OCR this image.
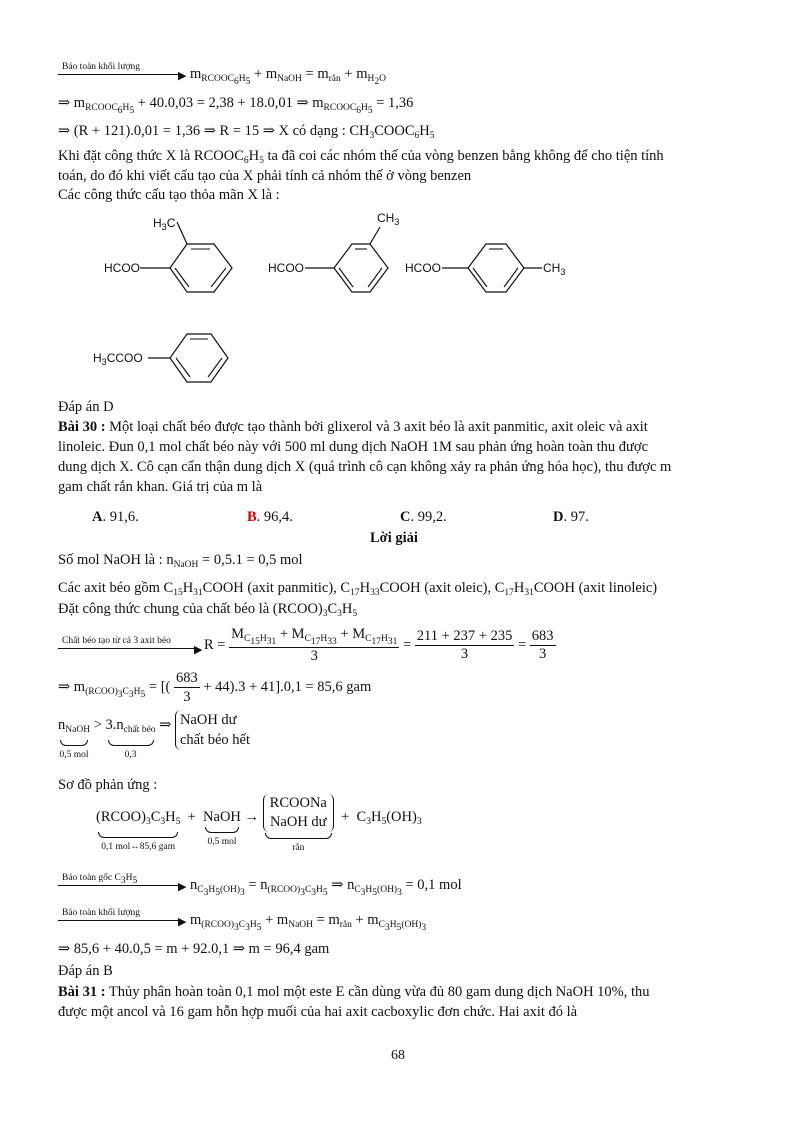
Bảo toàn khối lượng
▶ $m_{RCOOC_6H_5} + m_{NaOH} = m_{rắn} + m_{H_2O}$
⇒ $m_{RCOOC_6H_5} + 40.0,03 = 2,38 + 18.0,01$ ⇒ $m_{RCOOC_6H_5} = 1,36$
⇒ (R + 121).0,01 = 1,36 ⇒ R = 15 ⇒ X có dạng : $CH_3COOC_6H_5$
Khi đặt công thức X là $RCOOC_6H_5$ ta đã coi các nhóm thế của vòng benzen bằng không để cho tiện tính
toán, do đó khi viết cấu tạo của X phải tính cả nhóm thế ở vòng benzen
Các công thức cấu tạo thỏa mãn X là :
$H_3C$
HCOO
$CH_3$
HCOO	HCOO	$CH_3$
$H_3CCOO$
Đáp án D
Bài 30 : Một loại chất béo được tạo thành bởi glixerol và 3 axit béo là axit panmitic, axit oleic và axit
linoleic. Đun 0,1 mol chất béo này với 500 ml dung dịch NaOH 1M sau phản ứng hoàn toàn thu được
dung dịch X. Cô cạn cẩn thận dung dịch X (quá trình cô cạn không xảy ra phản ứng hóa học), thu được m
gam chất rắn khan. Giá trị của m là
A. 91,6.	B. 96,4.	C. 99,2.	D. 97.
Lời giải
Số mol NaOH là : $n_{NaOH} = 0,5.1 = 0,5$ mol
Các axit béo gồm $C_{15}H_{31}COOH$ (axit panmitic), $C_{17}H_{33}COOH$ (axit oleic), $C_{17}H_{31}COOH$ (axit linoleic)
Đặt công thức chung của chất béo là $(RCOO)_3C_3H_5$
Chất béo tạo từ cả 3 axit béo
▶ $R = \frac{M_{C_{15}H_{31}} + M_{C_{17}H_{33}} + M_{C_{17}H_{31}}}{3} = \frac{211 + 237 + 235}{3} = \frac{683}{3}$
⇒ $m_{(RCOO)_3C_3H_5}$ = [( $\frac{683}{3} + 44).3 + 41].0,1 = 85,6$ gam
$n_{NaOH}$
0,5 mol
> $3.n_{chất béo}$
0,3
⇒ NaOH dư
chất béo hết
Sơ đồ phản ứng :
$(RCOO)_3C_3H_5$
0,1 mol↔85,6 gam
+ NaOH
0,5 mol
→
RCOONa
NaOH dư
rắn
+  $C_3H_5(OH)_3$
Bảo toàn gốc $C_3H_5$	▶ $n_{C_3H_5(OH)_3} = n_{(RCOO)_3C_3H_5}$ ⇒ $n_{C_3H_5(OH)_3} = 0,1$ mol
Bảo toàn khối lượng
▶ $m_{(RCOO)_3C_3H_5} + m_{NaOH} = m_{rắn} + m_{C_3H_5(OH)_3}$
⇒ 85,6 + 40.0,5 = m + 92.0,1 ⇒ m = 96,4 gam
Đáp án B
Bài 31 : Thủy phân hoàn toàn 0,1 mol một este E cần dùng vừa đủ 80 gam dung dịch NaOH 10%, thu
được một ancol và 16 gam hỗn hợp muối của hai axit cacboxylic đơn chức. Hai axit đó là
68
